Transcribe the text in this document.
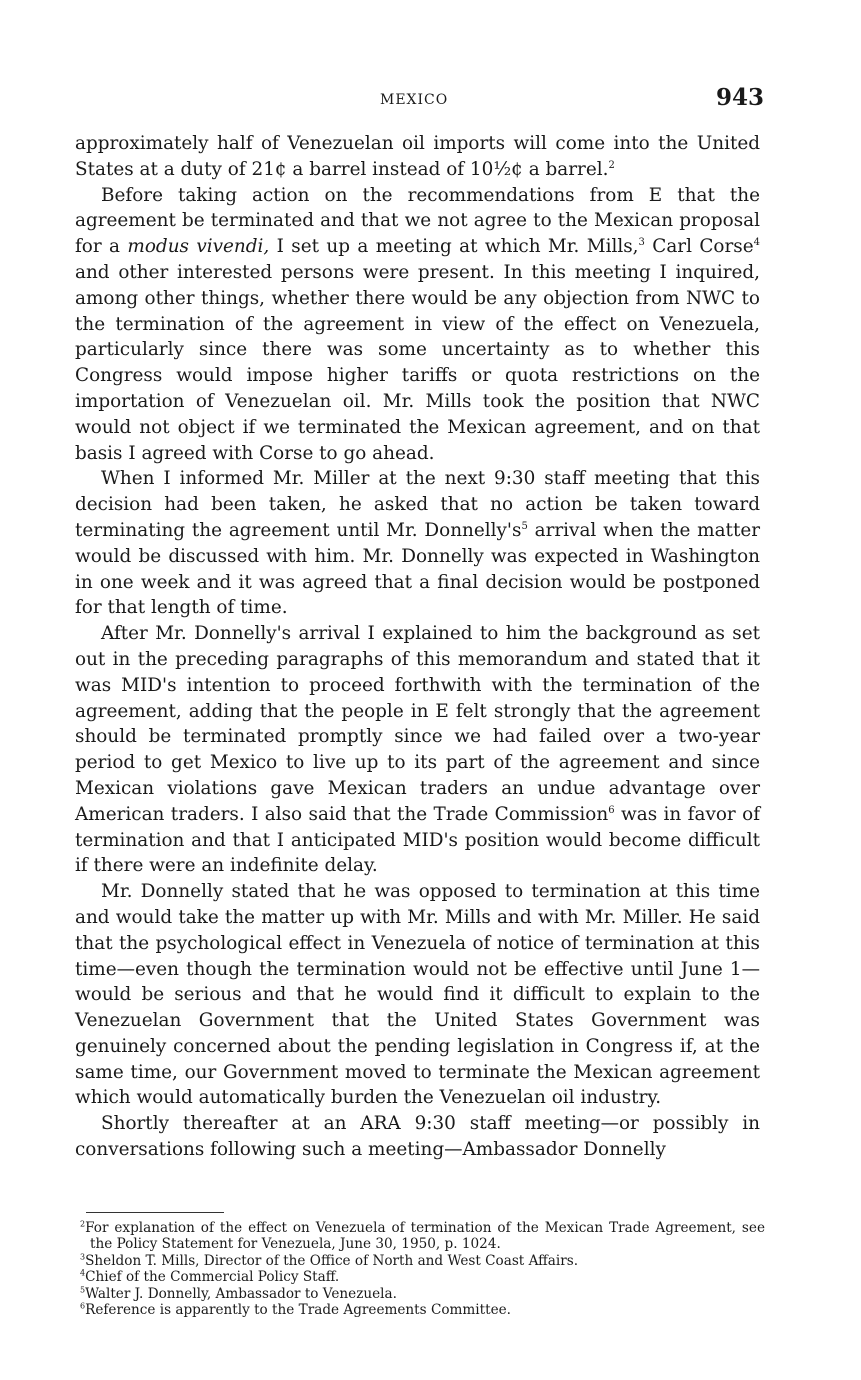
MEXICO	943

approximately half of Venezuelan oil imports will come into the United States at a duty of 21¢ a barrel instead of 10½¢ a barrel.$^2$

Before taking action on the recommendations from E that the agreement be terminated and that we not agree to the Mexican proposal for a modus vivendi, I set up a meeting at which Mr. Mills,$^3$ Carl Corse$^4$ and other interested persons were present. In this meeting I inquired, among other things, whether there would be any objection from NWC to the termination of the agreement in view of the effect on Venezuela, particularly since there was some uncertainty as to whether this Congress would impose higher tariffs or quota restrictions on the importation of Venezuelan oil. Mr. Mills took the position that NWC would not object if we terminated the Mexican agreement, and on that basis I agreed with Corse to go ahead.

When I informed Mr. Miller at the next 9:30 staff meeting that this decision had been taken, he asked that no action be taken toward terminating the agreement until Mr. $Donnelly's^5$ arrival when the matter would be discussed with him. Mr. Donnelly was expected in Washington in one week and it was agreed that a final decision would be postponed for that length of time.

After Mr. Donnelly's arrival I explained to him the background as set out in the preceding paragraphs of this memorandum and stated that it was MID's intention to proceed forthwith with the termination of the agreement, adding that the people in E felt strongly that the agreement should be terminated promptly since we had failed over a two-year period to get Mexico to live up to its part of the agreement and since Mexican violations gave Mexican traders an undue advantage over American traders. I also said that the Trade Commission$^6$ was in favor of termination and that I anticipated MID's position would become difficult if there were an indefinite delay.

Mr. Donnelly stated that he was opposed to termination at this time and would take the matter up with Mr. Mills and with Mr. Miller. He said that the psychological effect in Venezuela of notice of termination at this time—even though the termination would not be effective until June 1—would be serious and that he would find it difficult to explain to the Venezuelan Government that the United States Government was genuinely concerned about the pending legislation in Congress if, at the same time, our Government moved to terminate the Mexican agreement which would automatically burden the Venezuelan oil industry.

Shortly thereafter at an ARA 9:30 staff meeting—or possibly in conversations following such a meeting—Ambassador Donnelly

$^2$For explanation of the effect on Venezuela of termination of the Mexican Trade Agreement, see the Policy Statement for Venezuela, June 30, 1950, p. 1024.

$^3$Sheldon T. Mills, Director of the Office of North and West Coast Affairs.

$^4$Chief of the Commercial Policy Staff.

$^5$Walter J. Donnelly, Ambassador to Venezuela.

$^6$Reference is apparently to the Trade Agreements Committee.
